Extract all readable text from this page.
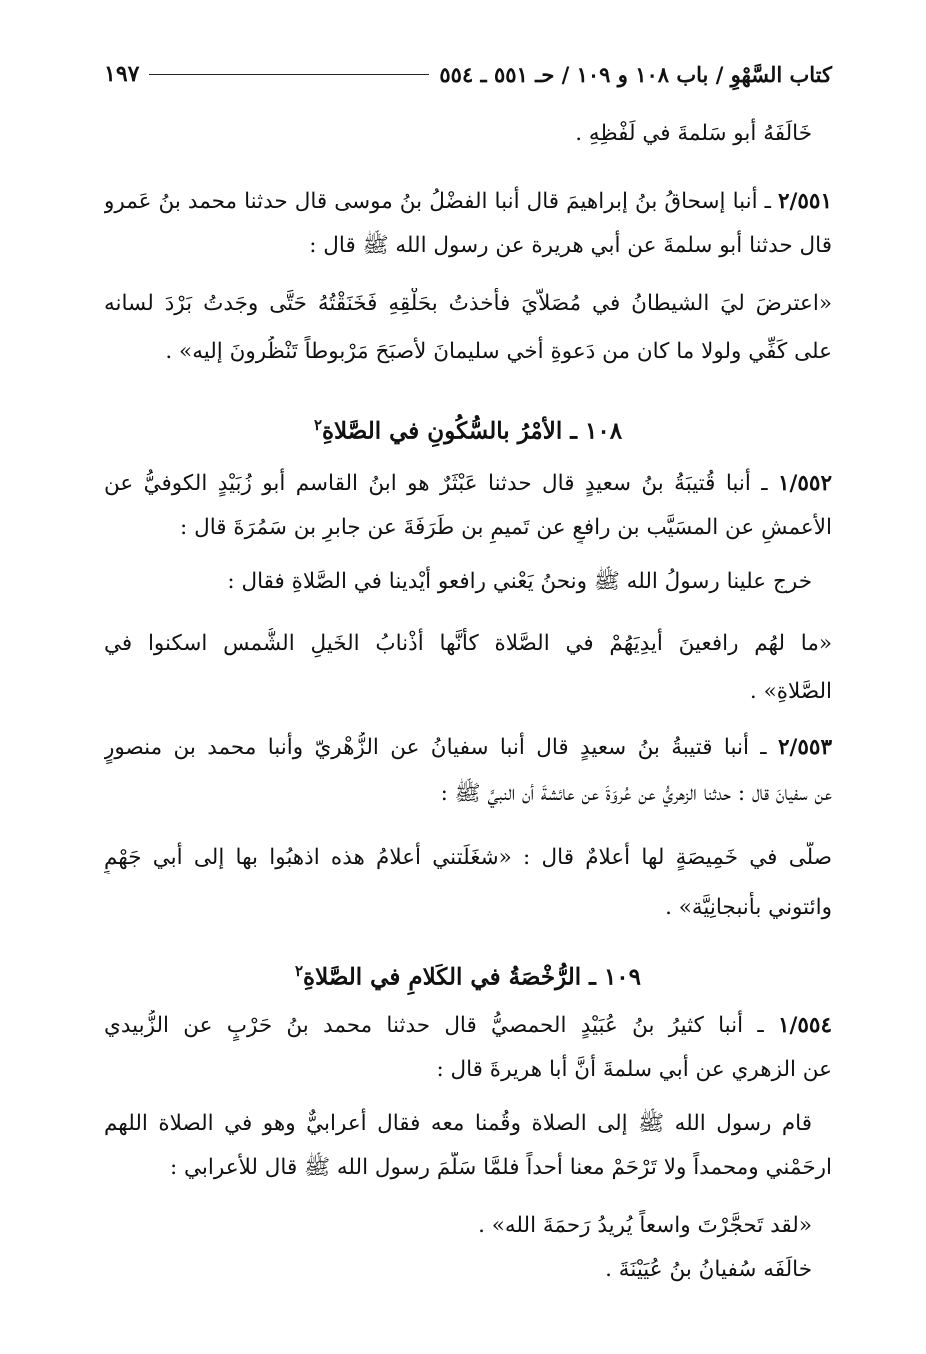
كتاب السَّهْوِ / باب ١٠٨ و ١٠٩ / حـ ٥٥١ ـ ٥٥٤
١٩٧
خَالَفَهُ أبو سَلمةَ في لَفْظِهِ .
٢/٥٥١ ـ أنبا إسحاقُ بنُ إبراهيمَ قال أنبا الفضْلُ بنُ موسى قال حدثنا محمد بنُ عَمرو
قال حدثنا أبو سلمةَ عن أبي هريرة عن رسول الله ﷺ قال :
«اعترضَ ليَ الشيطانُ في مُصَلاَّيَ فأخذتُ بحَلْقِهِ فَخَنَقْتُهُ حَتَّى وجَدتُ بَرْدَ لسانه
على كَفِّي ولولا ما كان من دَعوةِ أخي سليمانَ لأصبَحَ مَرْبوطاً تَنْظُرونَ إليه» .
١٠٨ ـ الأمْرُ بالسُّكُونِ في الصَّلاةِ$^٢$
١/٥٥٢ ـ أنبا قُتيبَةُ بنُ سعيدٍ قال حدثنا عَبْثَرٌ هو ابنُ القاسم أبو زُبَيْدٍ الكوفيُّ عن
الأعمشِ عن المسَيَّب بن رافعٍ عن تَميمِ بن طَرَفَةَ عن جابرِ بن سَمُرَةَ قال :
خرج علينا رسولُ الله ﷺ ونحنُ يَعْني رافعو أيْدينا في الصَّلاةِ فقال :
«ما لهُم رافعينَ أيدِيَهُمْ في الصَّلاة كأنَّها أذْنابُ الخَيلِ الشُّمس اسكنوا في
الصَّلاةِ» .
٢/٥٥٣ ـ أنبا قتيبةُ بنُ سعيدٍ قال أنبا سفيانُ عن الزُّهْريّ وأنبا محمد بن منصورٍ
عن سفيانَ قال : حدثنا الزهريُّ عن عُروَةَ عن عائشةَ أن النبيَّ ﷺ :
صلَّى في خَمِيصَةٍ لها أعلامٌ قال : «شغَلَتني أعلامُ هذه اذهبُوا بها إلى أبي جَهْمٍ
وائتوني بأنبجانِيَّة» .
١٠٩ ـ الرُّخْصَةُ في الكَلامِ في الصَّلاةِ$^٢$
١/٥٥٤ ـ أنبا كثيرُ بنُ عُبَيْدٍ الحمصيُّ قال حدثنا محمد بنُ حَرْبٍ عن الزُّبيدي
عن الزهري عن أبي سلمةَ أنَّ أبا هريرةَ قال :
قام رسول الله ﷺ إلى الصلاة وقُمنا معه فقال أعرابيٌّ وهو في الصلاة اللهم
ارحَمْني ومحمداً ولا تَرْحَمْ معنا أحداً فلمَّا سَلَّمَ رسول الله ﷺ قال للأعرابي :
«لقد تَحجَّرْتَ واسعاً يُريدُ رَحمَةَ الله» .
خالَفَه سُفيانُ بنُ عُيَيْنَةَ .
